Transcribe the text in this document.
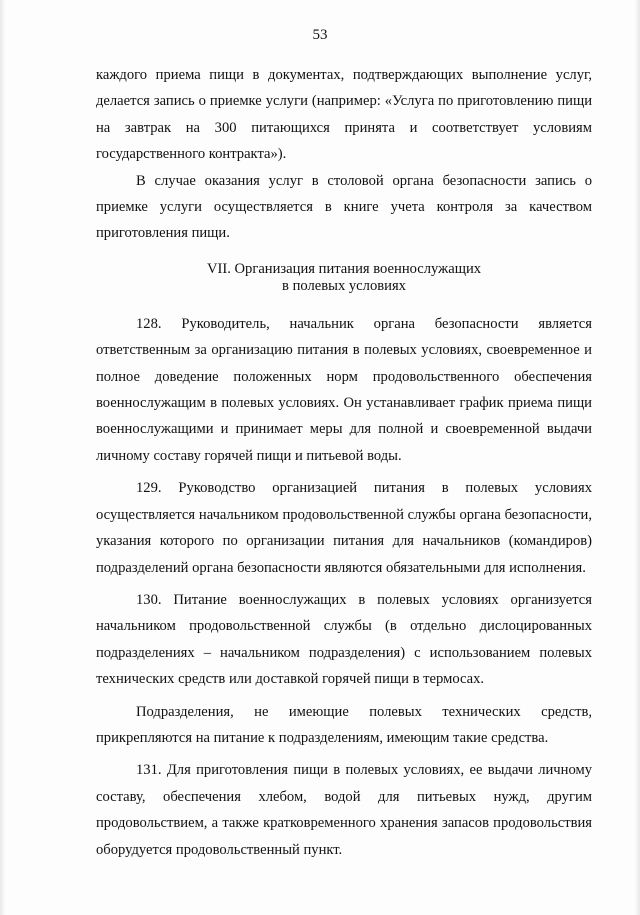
53

каждого приема пищи в документах, подтверждающих выполнение услуг, делается запись о приемке услуги (например: «Услуга по приготовлению пищи на завтрак на 300 питающихся принята и соответствует условиям государственного контракта»).

В случае оказания услуг в столовой органа безопасности запись о приемке услуги осуществляется в книге учета контроля за качеством приготовления пищи.

VII. Организация питания военнослужащих
в полевых условиях

128. Руководитель, начальник органа безопасности является ответственным за организацию питания в полевых условиях, своевременное и полное доведение положенных норм продовольственного обеспечения военнослужащим в полевых условиях. Он устанавливает график приема пищи военнослужащими и принимает меры для полной и своевременной выдачи личному составу горячей пищи и питьевой воды.

129. Руководство организацией питания в полевых условиях осуществляется начальником продовольственной службы органа безопасности, указания которого по организации питания для начальников (командиров) подразделений органа безопасности являются обязательными для исполнения.

130. Питание военнослужащих в полевых условиях организуется начальником продовольственной службы (в отдельно дислоцированных подразделениях – начальником подразделения) с использованием полевых технических средств или доставкой горячей пищи в термосах.

Подразделения, не имеющие полевых технических средств, прикрепляются на питание к подразделениям, имеющим такие средства.

131. Для приготовления пищи в полевых условиях, ее выдачи личному составу, обеспечения хлебом, водой для питьевых нужд, другим продовольствием, а также кратковременного хранения запасов продовольствия оборудуется продовольственный пункт.
